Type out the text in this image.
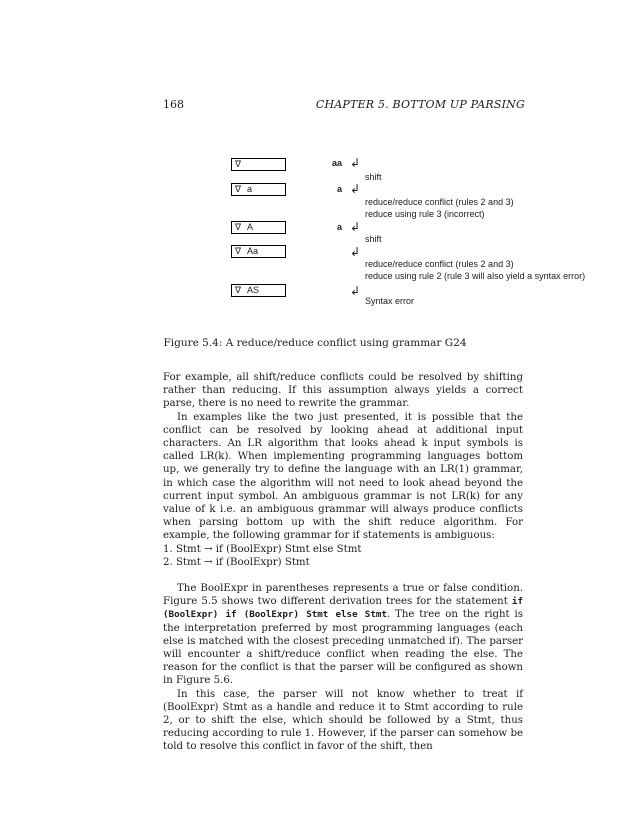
168	CHAPTER 5. BOTTOM UP PARSING
∇	aa ↲
shift
∇ a	a ↲
reduce/reduce conflict (rules 2 and 3)
reduce using rule 3 (incorrect)
∇ A	a ↲
shift
∇ Aa	↲
reduce/reduce conflict (rules 2 and 3)
reduce using rule 2 (rule 3 will also yield a syntax error)
∇ AS	↲
Syntax error
Figure 5.4: A reduce/reduce conflict using grammar G24

For example, all shift/reduce conflicts could be resolved by shifting rather than reducing. If this assumption always yields a correct parse, there is no need to rewrite the grammar.

In examples like the two just presented, it is possible that the conflict can be resolved by looking ahead at additional input characters. An LR algorithm that looks ahead k input symbols is called LR(k). When implementing programming languages bottom up, we generally try to define the language with an LR(1) grammar, in which case the algorithm will not need to look ahead beyond the current input symbol. An ambiguous grammar is not LR(k) for any value of k i.e. an ambiguous grammar will always produce conflicts when parsing bottom up with the shift reduce algorithm. For example, the following grammar for if statements is ambiguous:

1. Stmt → if (BoolExpr) Stmt else Stmt

2. Stmt → if (BoolExpr) Stmt

The BoolExpr in parentheses represents a true or false condition. Figure 5.5 shows two different derivation trees for the statement if (BoolExpr) if (BoolExpr) Stmt else Stmt. The tree on the right is the interpretation preferred by most programming languages (each else is matched with the closest preceding unmatched if). The parser will encounter a shift/reduce conflict when reading the else. The reason for the conflict is that the parser will be configured as shown in Figure 5.6.

In this case, the parser will not know whether to treat if (BoolExpr) Stmt as a handle and reduce it to Stmt according to rule 2, or to shift the else, which should be followed by a Stmt, thus reducing according to rule 1. However, if the parser can somehow be told to resolve this conflict in favor of the shift, then
